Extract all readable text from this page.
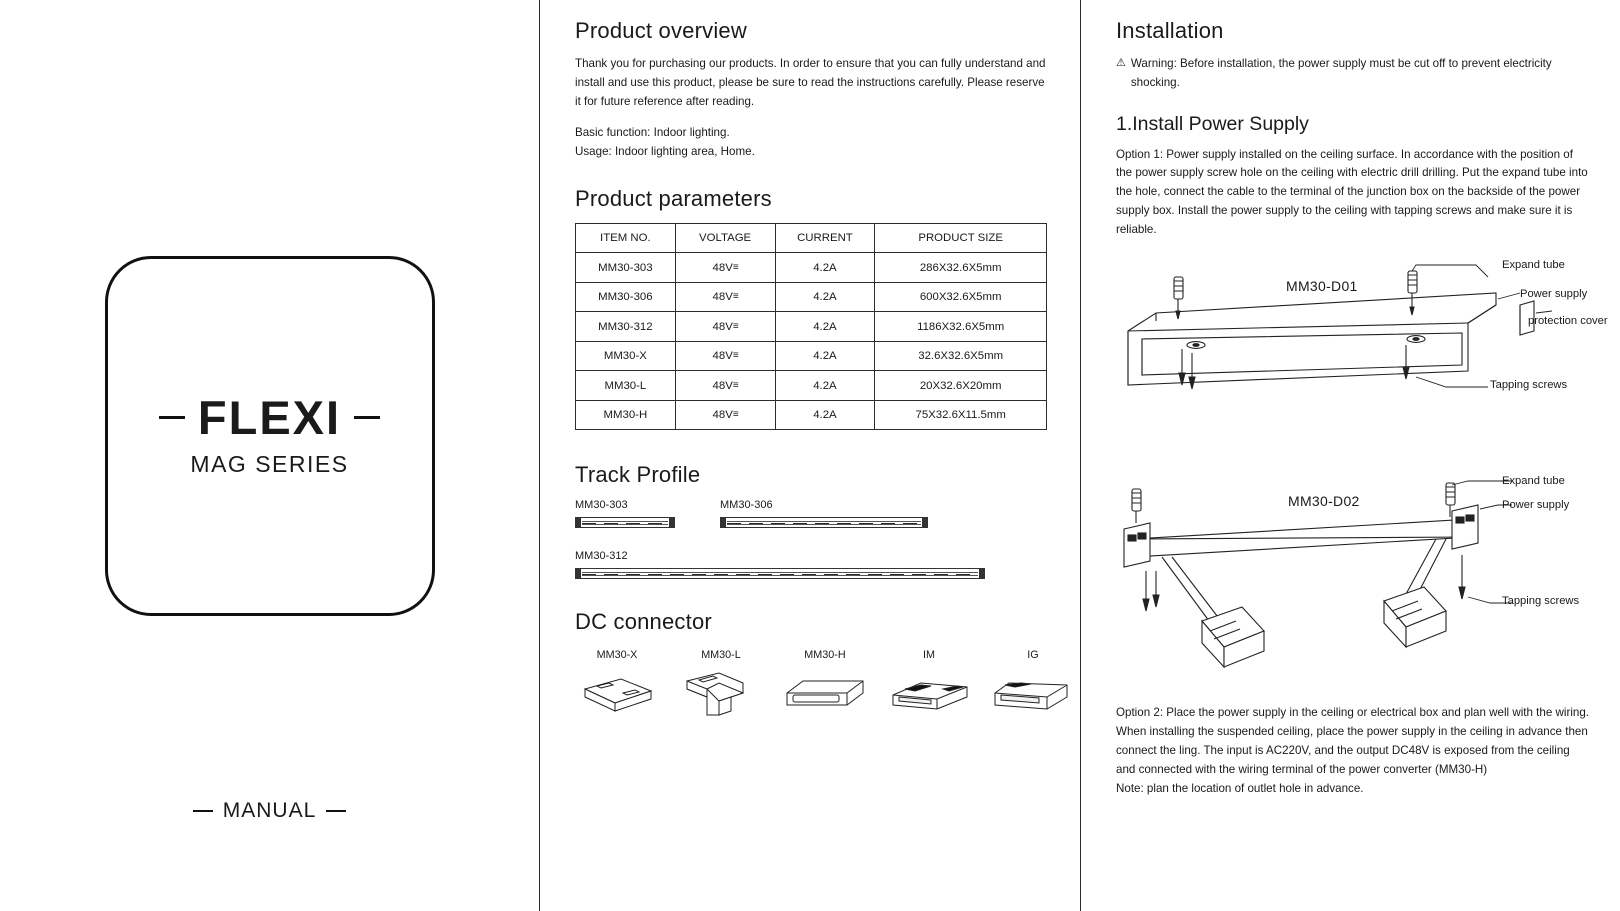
FLEXI
MAG SERIES
MANUAL
Product overview

Thank you for purchasing our products. In order to ensure that you can fully understand and install and use this product, please be sure to read the instructions carefully. Please reserve it for future reference after reading.

Basic function: Indoor lighting.

Usage: Indoor lighting area, Home.

Product parameters
ITEM NO.	VOLTAGE	CURRENT	PRODUCT SIZE
MM30-303	48V≡	4.2A	286X32.6X5mm
MM30-306	48V≡	4.2A	600X32.6X5mm
MM30-312	48V≡	4.2A	1186X32.6X5mm
MM30-X	48V≡	4.2A	32.6X32.6X5mm
MM30-L	48V≡	4.2A	20X32.6X20mm
MM30-H	48V≡	4.2A	75X32.6X11.5mm
Track Profile
MM30-303	MM30-306
MM30-312
DC connector
MM30-X	MM30-L	MM30-H	IM	IG
Installation
⚠ Warning: Before installation, the power supply must be cut off to prevent electricity shocking.

1.Install Power Supply

Option 1: Power supply installed on the ceiling surface. In accordance with the position of the power supply screw hole on the ceiling with electric drill drilling. Put the expand tube into the hole, connect the cable to the terminal of the junction box on the backside of the power supply box. Install the power supply to the ceiling with tapping screws and make sure it is reliable.

MM30-D01
Expand tube
Power supply
protection cover
Tapping screws
MM30-D02
Expand tube
Power supply
Tapping screws

Option 2: Place the power supply in the ceiling or electrical box and plan well with the wiring. When installing the suspended ceiling, place the power supply in the ceiling in advance then connect the ling. The input is AC220V, and the output DC48V is exposed from the ceiling and connected with the wiring terminal of the power converter (MM30-H)

Note: plan the location of outlet hole in advance.
